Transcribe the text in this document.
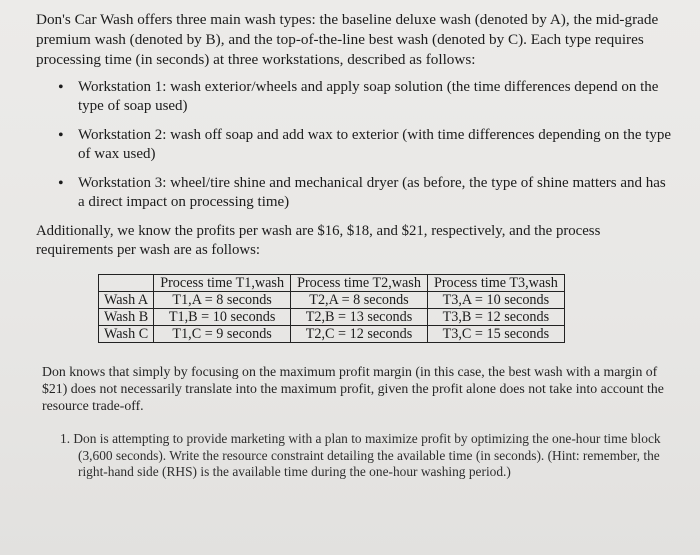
Don's Car Wash offers three main wash types: the baseline deluxe wash (denoted by A), the mid-grade premium wash (denoted by B), and the top-of-the-line best wash (denoted by C). Each type requires processing time (in seconds) at three workstations, described as follows:

• Workstation 1: wash exterior/wheels and apply soap solution (the time differences depend on the type of soap used)
• Workstation 2: wash off soap and add wax to exterior (with time differences depending on the type of wax used)
• Workstation 3: wheel/tire shine and mechanical dryer (as before, the type of shine matters and has a direct impact on processing time)

Additionally, we know the profits per wash are $16, $18, and $21, respectively, and the process requirements per wash are as follows:

	Process time T1,wash	Process time T2,wash	Process time T3,wash
Wash A	T1,A = 8 seconds	T2,A = 8 seconds	T3,A = 10 seconds
Wash B	T1,B = 10 seconds	T2,B = 13 seconds	T3,B = 12 seconds
Wash C	T1,C = 9 seconds	T2,C = 12 seconds	T3,C = 15 seconds

Don knows that simply by focusing on the maximum profit margin (in this case, the best wash with a margin of $21) does not necessarily translate into the maximum profit, given the profit alone does not take into account the resource trade-off.

1. Don is attempting to provide marketing with a plan to maximize profit by optimizing the one-hour time block (3,600 seconds). Write the resource constraint detailing the available time (in seconds). (Hint: remember, the right-hand side (RHS) is the available time during the one-hour washing period.)
